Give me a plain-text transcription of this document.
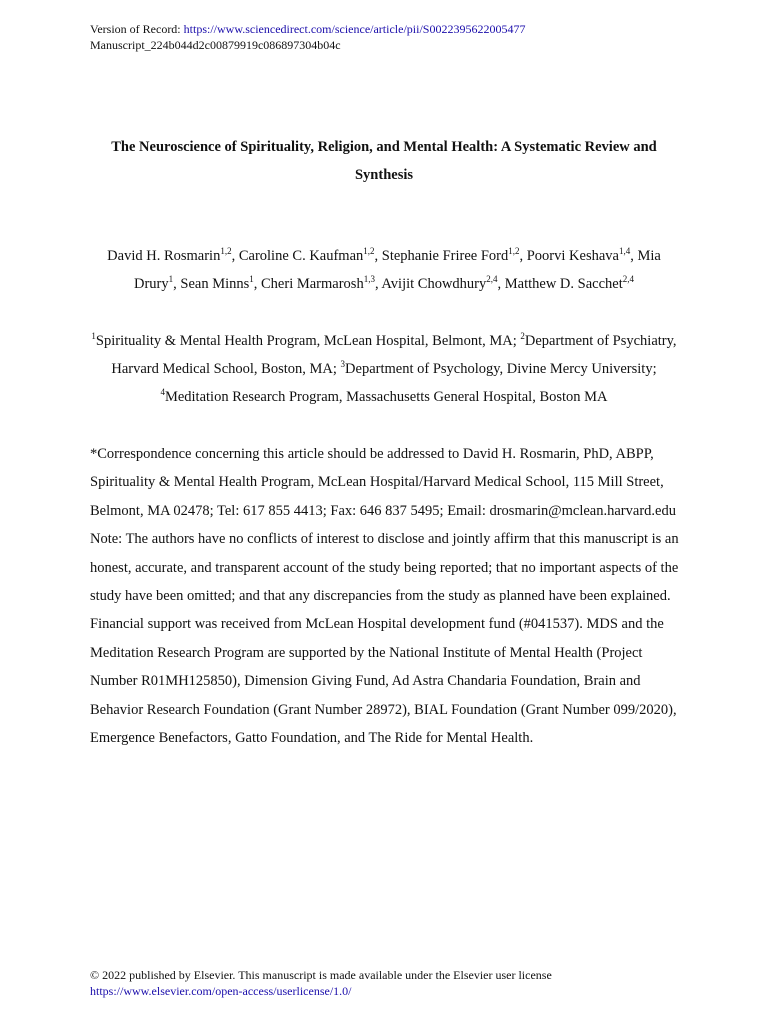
Version of Record: https://www.sciencedirect.com/science/article/pii/S0022395622005477
Manuscript_224b044d2c00879919c086897304b04c
The Neuroscience of Spirituality, Religion, and Mental Health: A Systematic Review and Synthesis
David H. Rosmarin$^{1,2}$, Caroline C. Kaufman$^{1,2}$, Stephanie Friree Ford$^{1,2}$, Poorvi Keshava$^{1,4}$, Mia Drury$^1$, Sean Minns$^1$, Cheri Marmarosh$^{1,3}$, Avijit Chowdhury$^{2,4}$, Matthew D. Sacchet$^{2,4}$
$^1$Spirituality & Mental Health Program, McLean Hospital, Belmont, MA; $^2$Department of Psychiatry, Harvard Medical School, Boston, MA; $^3$Department of Psychology, Divine Mercy University; $^4$Meditation Research Program, Massachusetts General Hospital, Boston MA

*Correspondence concerning this article should be addressed to David H. Rosmarin, PhD, ABPP, Spirituality & Mental Health Program, McLean Hospital/Harvard Medical School, 115 Mill Street, Belmont, MA 02478; Tel: 617 855 4413; Fax: 646 837 5495; Email: drosmarin@mclean.harvard.edu

Note: The authors have no conflicts of interest to disclose and jointly affirm that this manuscript is an honest, accurate, and transparent account of the study being reported; that no important aspects of the study have been omitted; and that any discrepancies from the study as planned have been explained. Financial support was received from McLean Hospital development fund (#041537). MDS and the Meditation Research Program are supported by the National Institute of Mental Health (Project Number R01MH125850), Dimension Giving Fund, Ad Astra Chandaria Foundation, Brain and Behavior Research Foundation (Grant Number 28972), BIAL Foundation (Grant Number 099/2020), Emergence Benefactors, Gatto Foundation, and The Ride for Mental Health.

© 2022 published by Elsevier. This manuscript is made available under the Elsevier user license
https://www.elsevier.com/open-access/userlicense/1.0/
